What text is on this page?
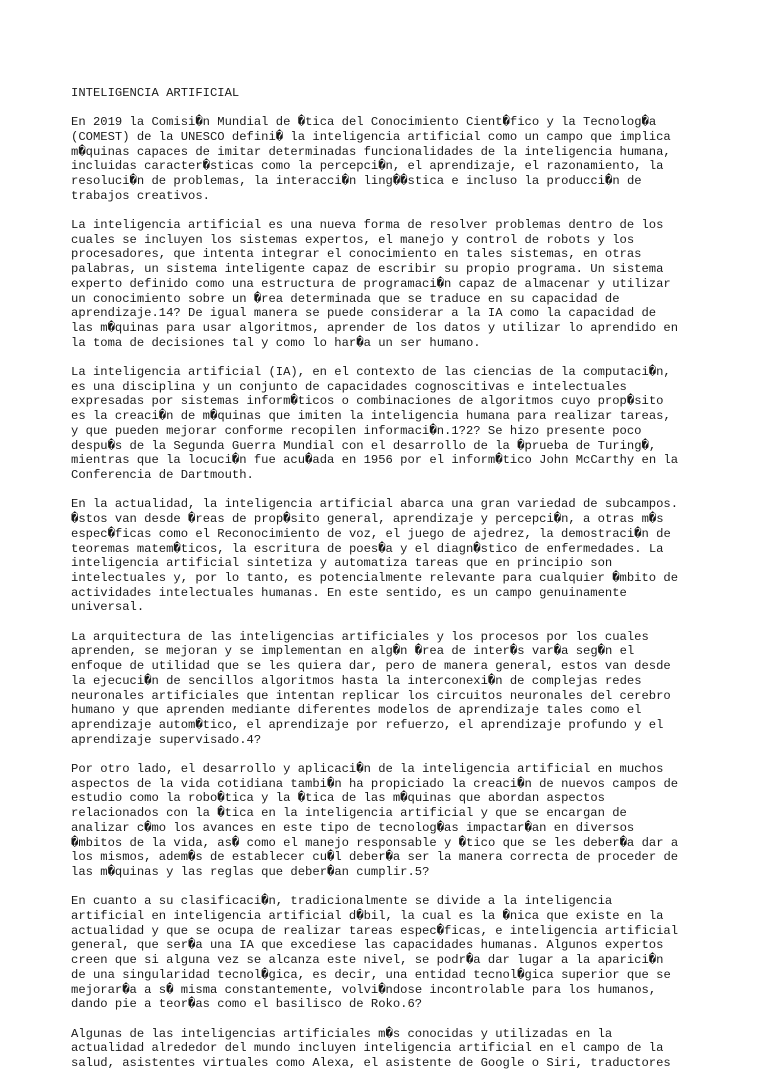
INTELIGENCIA ARTIFICIAL

En 2019 la Comisi�n Mundial de �tica del Conocimiento Cient�fico y la Tecnolog�a
(COMEST) de la UNESCO defini� la inteligencia artificial como un campo que implica
m�quinas capaces de imitar determinadas funcionalidades de la inteligencia humana,
incluidas caracter�sticas como la percepci�n, el aprendizaje, el razonamiento, la
resoluci�n de problemas, la interacci�n ling��stica e incluso la producci�n de
trabajos creativos.

La inteligencia artificial es una nueva forma de resolver problemas dentro de los
cuales se incluyen los sistemas expertos, el manejo y control de robots y los
procesadores, que intenta integrar el conocimiento en tales sistemas, en otras
palabras, un sistema inteligente capaz de escribir su propio programa. Un sistema
experto definido como una estructura de programaci�n capaz de almacenar y utilizar
un conocimiento sobre un �rea determinada que se traduce en su capacidad de
aprendizaje.14? De igual manera se puede considerar a la IA como la capacidad de
las m�quinas para usar algoritmos, aprender de los datos y utilizar lo aprendido en
la toma de decisiones tal y como lo har�a un ser humano.

La inteligencia artificial (IA), en el contexto de las ciencias de la computaci�n,
es una disciplina y un conjunto de capacidades cognoscitivas e intelectuales
expresadas por sistemas inform�ticos o combinaciones de algoritmos cuyo prop�sito
es la creaci�n de m�quinas que imiten la inteligencia humana para realizar tareas,
y que pueden mejorar conforme recopilen informaci�n.1?2? Se hizo presente poco
despu�s de la Segunda Guerra Mundial con el desarrollo de la �prueba de Turing�,
mientras que la locuci�n fue acu�ada en 1956 por el inform�tico John McCarthy en la
Conferencia de Dartmouth.

En la actualidad, la inteligencia artificial abarca una gran variedad de subcampos.
�stos van desde �reas de prop�sito general, aprendizaje y percepci�n, a otras m�s
espec�ficas como el Reconocimiento de voz, el juego de ajedrez, la demostraci�n de
teoremas matem�ticos, la escritura de poes�a y el diagn�stico de enfermedades. La
inteligencia artificial sintetiza y automatiza tareas que en principio son
intelectuales y, por lo tanto, es potencialmente relevante para cualquier �mbito de
actividades intelectuales humanas. En este sentido, es un campo genuinamente
universal.

La arquitectura de las inteligencias artificiales y los procesos por los cuales
aprenden, se mejoran y se implementan en alg�n �rea de inter�s var�a seg�n el
enfoque de utilidad que se les quiera dar, pero de manera general, estos van desde
la ejecuci�n de sencillos algoritmos hasta la interconexi�n de complejas redes
neuronales artificiales que intentan replicar los circuitos neuronales del cerebro
humano y que aprenden mediante diferentes modelos de aprendizaje tales como el
aprendizaje autom�tico, el aprendizaje por refuerzo, el aprendizaje profundo y el
aprendizaje supervisado.4?

Por otro lado, el desarrollo y aplicaci�n de la inteligencia artificial en muchos
aspectos de la vida cotidiana tambi�n ha propiciado la creaci�n de nuevos campos de
estudio como la robo�tica y la �tica de las m�quinas que abordan aspectos
relacionados con la �tica en la inteligencia artificial y que se encargan de
analizar c�mo los avances en este tipo de tecnolog�as impactar�an en diversos
�mbitos de la vida, as� como el manejo responsable y �tico que se les deber�a dar a
los mismos, adem�s de establecer cu�l deber�a ser la manera correcta de proceder de
las m�quinas y las reglas que deber�an cumplir.5?

En cuanto a su clasificaci�n, tradicionalmente se divide a la inteligencia
artificial en inteligencia artificial d�bil, la cual es la �nica que existe en la
actualidad y que se ocupa de realizar tareas espec�ficas, e inteligencia artificial
general, que ser�a una IA que excediese las capacidades humanas. Algunos expertos
creen que si alguna vez se alcanza este nivel, se podr�a dar lugar a la aparici�n
de una singularidad tecnol�gica, es decir, una entidad tecnol�gica superior que se
mejorar�a a s� misma constantemente, volvi�ndose incontrolable para los humanos,
dando pie a teor�as como el basilisco de Roko.6?

Algunas de las inteligencias artificiales m�s conocidas y utilizadas en la
actualidad alrededor del mundo incluyen inteligencia artificial en el campo de la
salud, asistentes virtuales como Alexa, el asistente de Google o Siri, traductores
